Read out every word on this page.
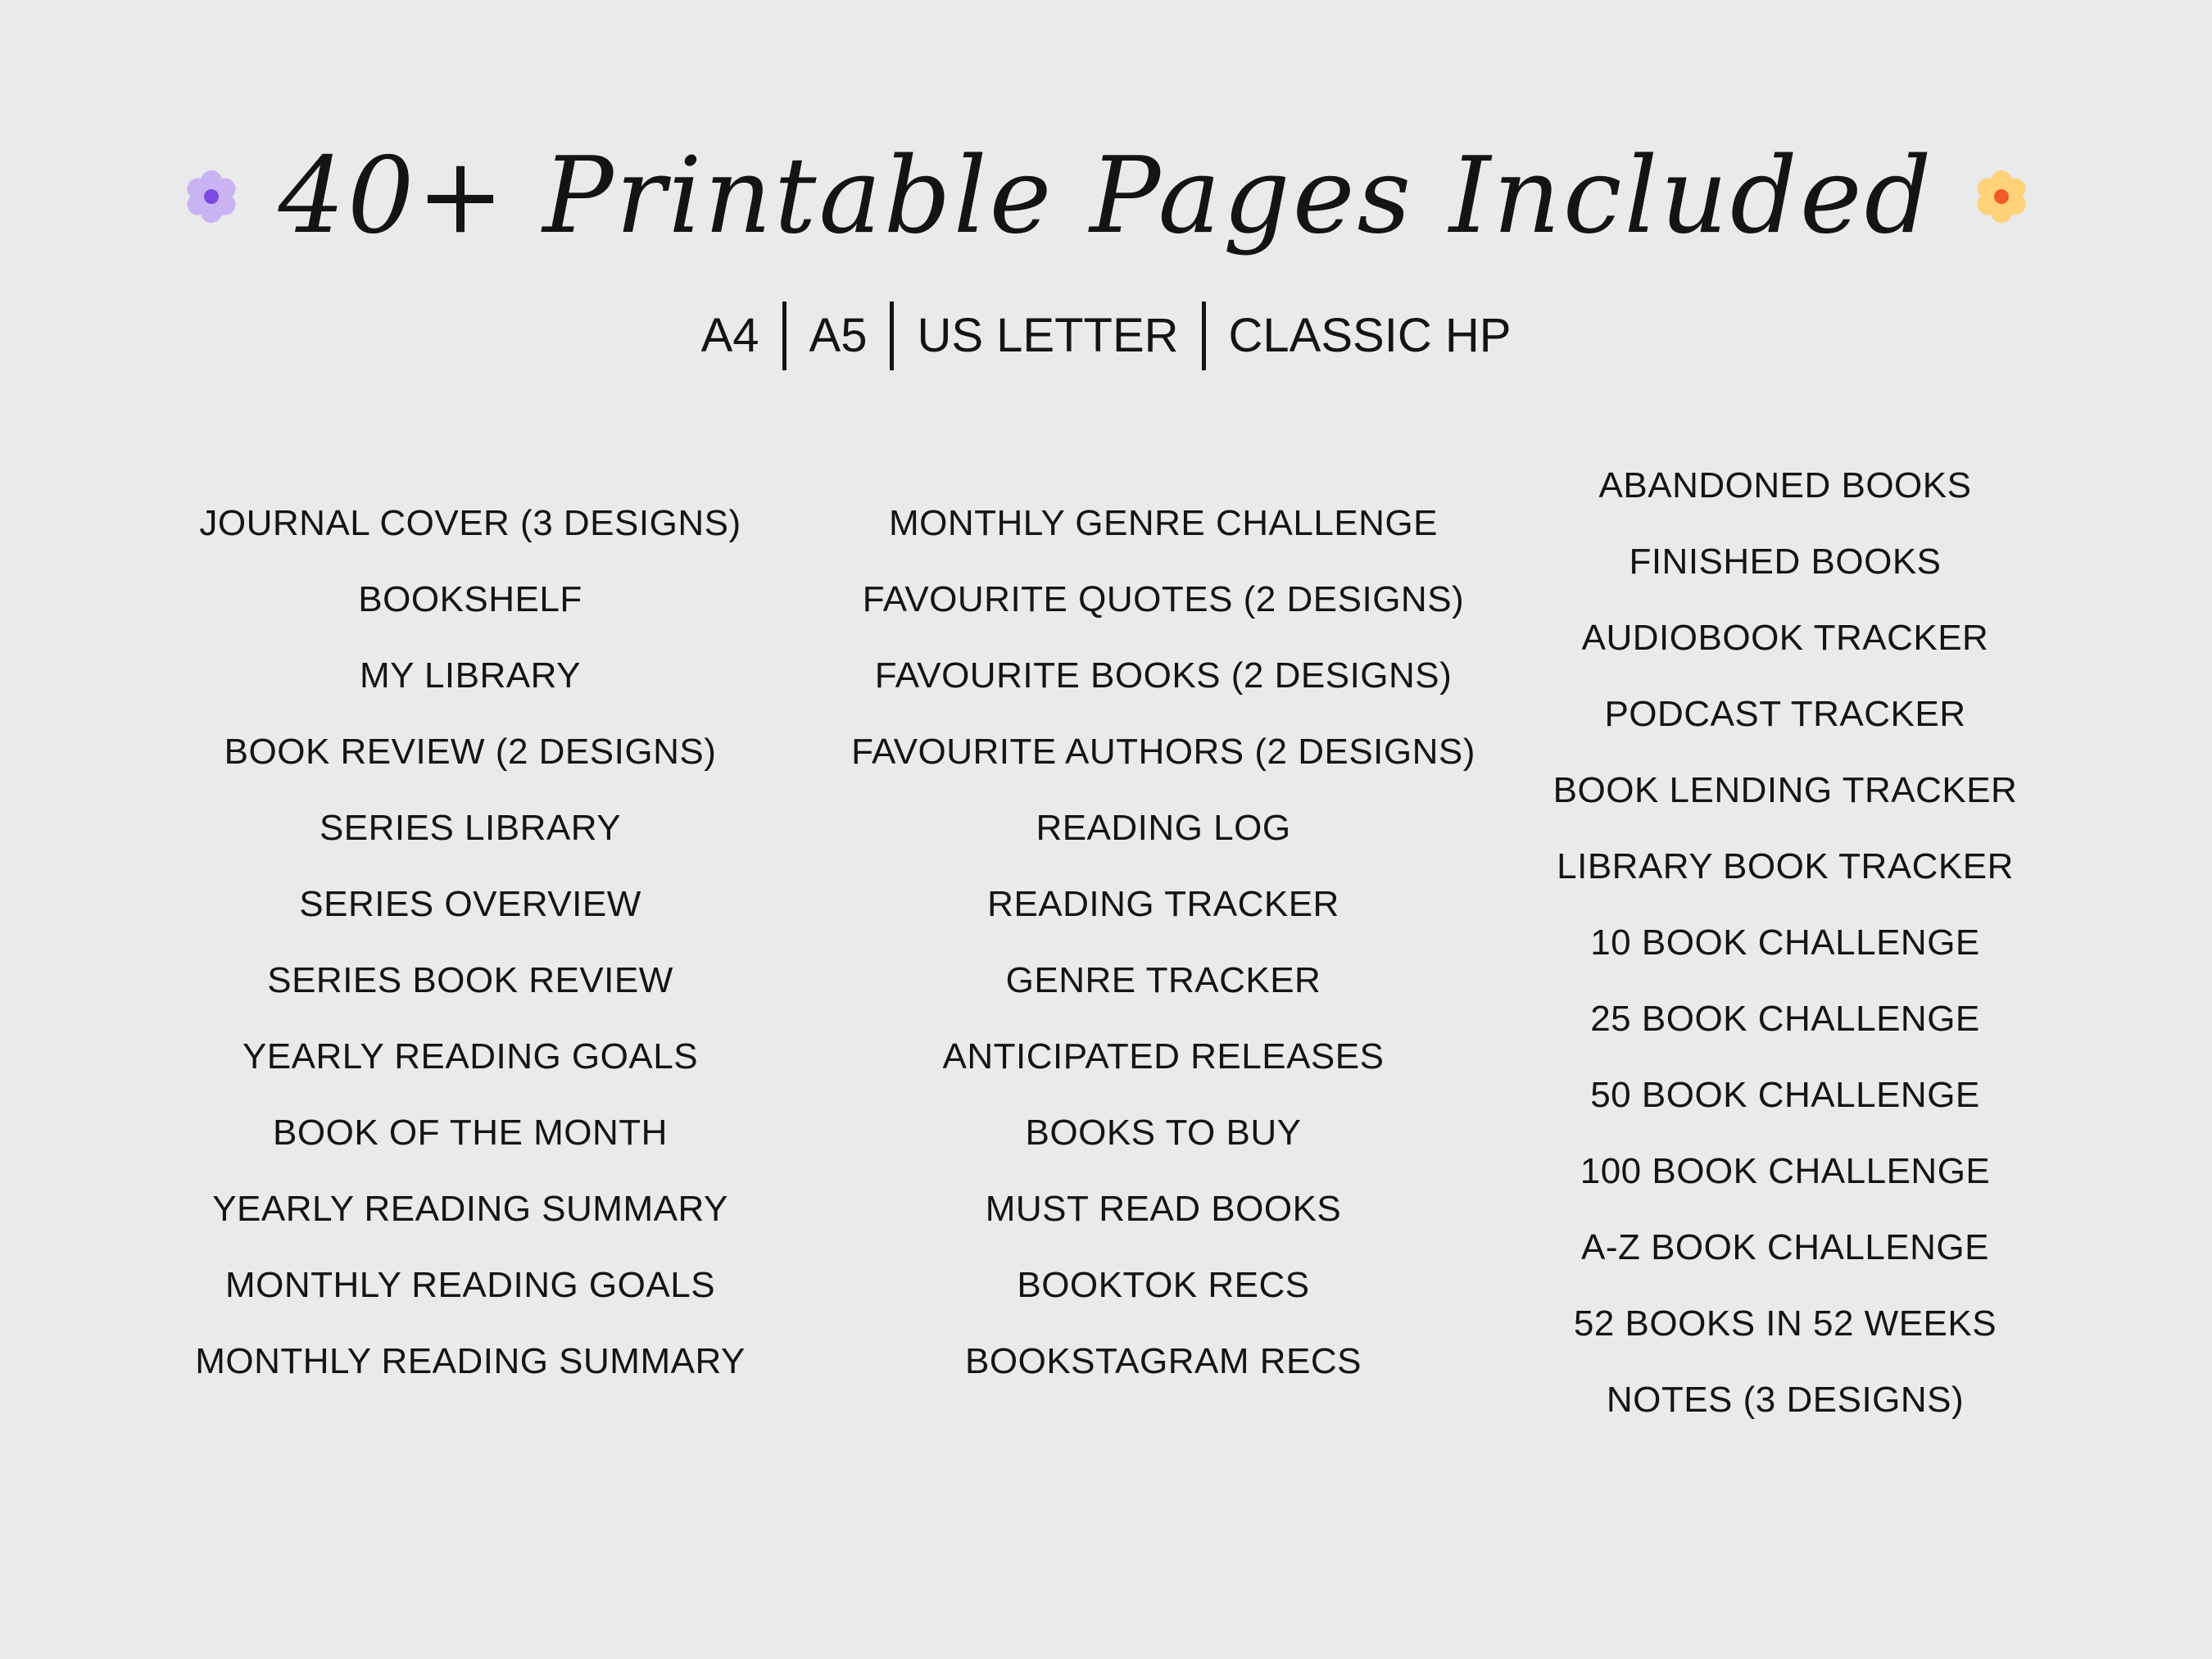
40+ Printable Pages Included
A4 A5 US LETTER CLASSIC HP
JOURNAL COVER (3 DESIGNS)
BOOKSHELF
MY LIBRARY
BOOK REVIEW (2 DESIGNS)
SERIES LIBRARY
SERIES OVERVIEW
SERIES BOOK REVIEW
YEARLY READING GOALS
BOOK OF THE MONTH
YEARLY READING SUMMARY
MONTHLY READING GOALS
MONTHLY READING SUMMARY
MONTHLY GENRE CHALLENGE
FAVOURITE QUOTES (2 DESIGNS)
FAVOURITE BOOKS (2 DESIGNS)
FAVOURITE AUTHORS (2 DESIGNS)
READING LOG
READING TRACKER
GENRE TRACKER
ANTICIPATED RELEASES
BOOKS TO BUY
MUST READ BOOKS
BOOKTOK RECS
BOOKSTAGRAM RECS
ABANDONED BOOKS
FINISHED BOOKS
AUDIOBOOK TRACKER
PODCAST TRACKER
BOOK LENDING TRACKER
LIBRARY BOOK TRACKER
10 BOOK CHALLENGE
25 BOOK CHALLENGE
50 BOOK CHALLENGE
100 BOOK CHALLENGE
A-Z BOOK CHALLENGE
52 BOOKS IN 52 WEEKS
NOTES (3 DESIGNS)
